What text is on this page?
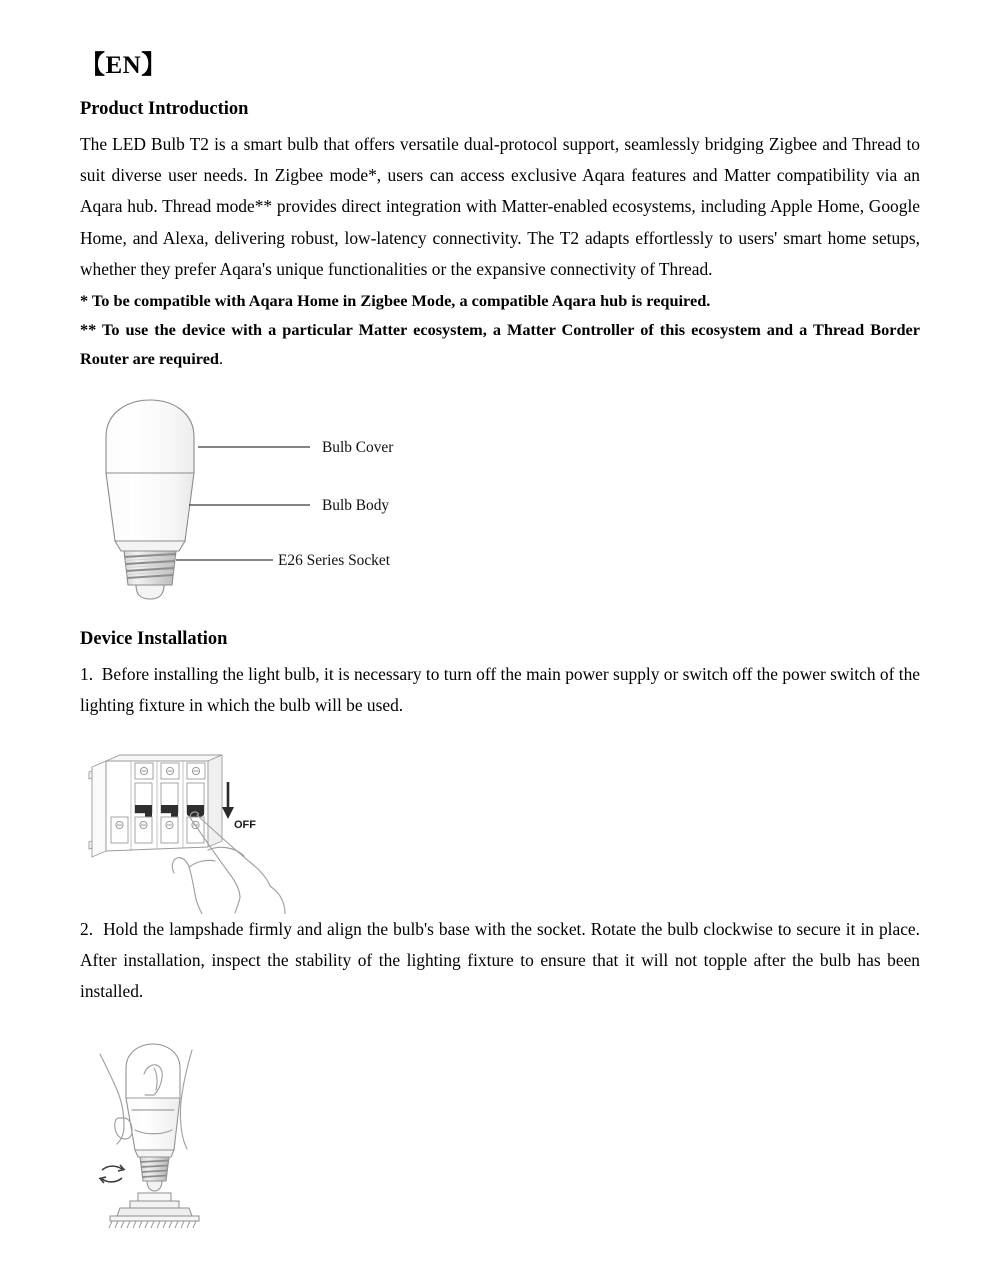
【EN】
Product Introduction

The LED Bulb T2 is a smart bulb that offers versatile dual-protocol support, seamlessly bridging Zigbee and Thread to suit diverse user needs. In Zigbee mode*, users can access exclusive Aqara features and Matter compatibility via an Aqara hub. Thread mode** provides direct integration with Matter-enabled ecosystems, including Apple Home, Google Home, and Alexa, delivering robust, low-latency connectivity. The T2 adapts effortlessly to users' smart home setups, whether they prefer Aqara's unique functionalities or the expansive connectivity of Thread.

* To be compatible with Aqara Home in Zigbee Mode, a compatible Aqara hub is required.

** To use the device with a particular Matter ecosystem, a Matter Controller of this ecosystem and a Thread Border Router are required.

Bulb Cover
Bulb Body
E26 Series Socket
Device Installation

1. Before installing the light bulb, it is necessary to turn off the main power supply or switch off the power switch of the lighting fixture in which the bulb will be used.

OFF

2. Hold the lampshade firmly and align the bulb's base with the socket. Rotate the bulb clockwise to secure it in place. After installation, inspect the stability of the lighting fixture to ensure that it will not topple after the bulb has been installed.
